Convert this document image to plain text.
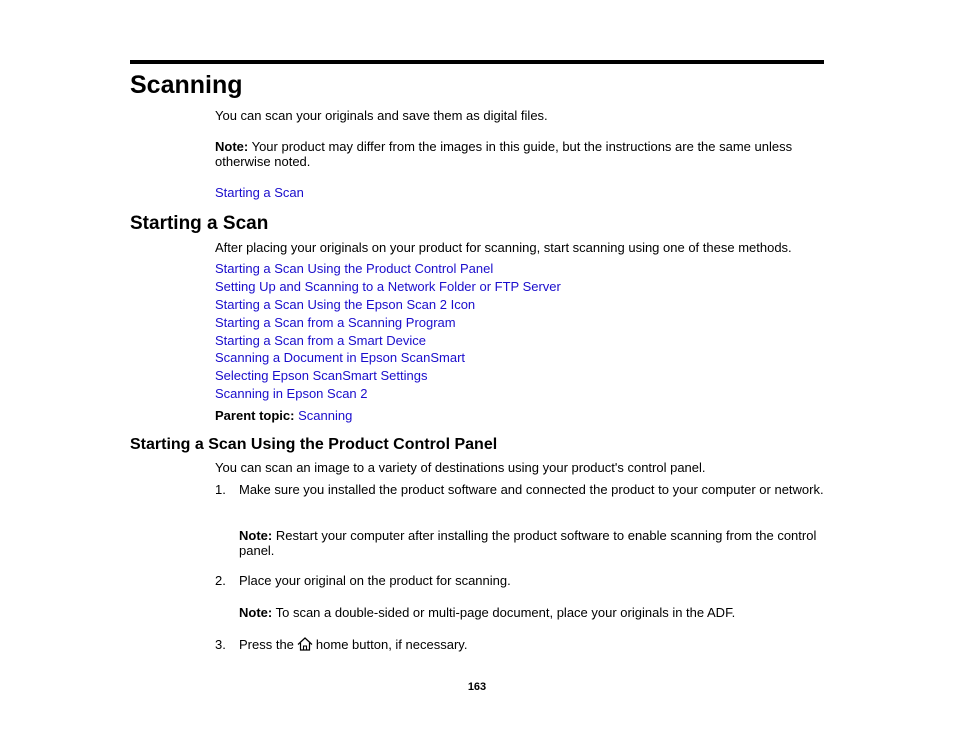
Scanning

You can scan your originals and save them as digital files.

Note: Your product may differ from the images in this guide, but the instructions are the same unless otherwise noted.

Starting a Scan
Starting a Scan

After placing your originals on your product for scanning, start scanning using one of these methods.

Starting a Scan Using the Product Control Panel
Setting Up and Scanning to a Network Folder or FTP Server
Starting a Scan Using the Epson Scan 2 Icon
Starting a Scan from a Scanning Program
Starting a Scan from a Smart Device
Scanning a Document in Epson ScanSmart
Selecting Epson ScanSmart Settings
Scanning in Epson Scan 2

Parent topic: Scanning

Starting a Scan Using the Product Control Panel

You can scan an image to a variety of destinations using your product's control panel.

1. Make sure you installed the product software and connected the product to your computer or network.
Note: Restart your computer after installing the product software to enable scanning from the control panel.
2. Place your original on the product for scanning.
Note: To scan a double-sided or multi-page document, place your originals in the ADF.
3. Press the home button, if necessary.
163
